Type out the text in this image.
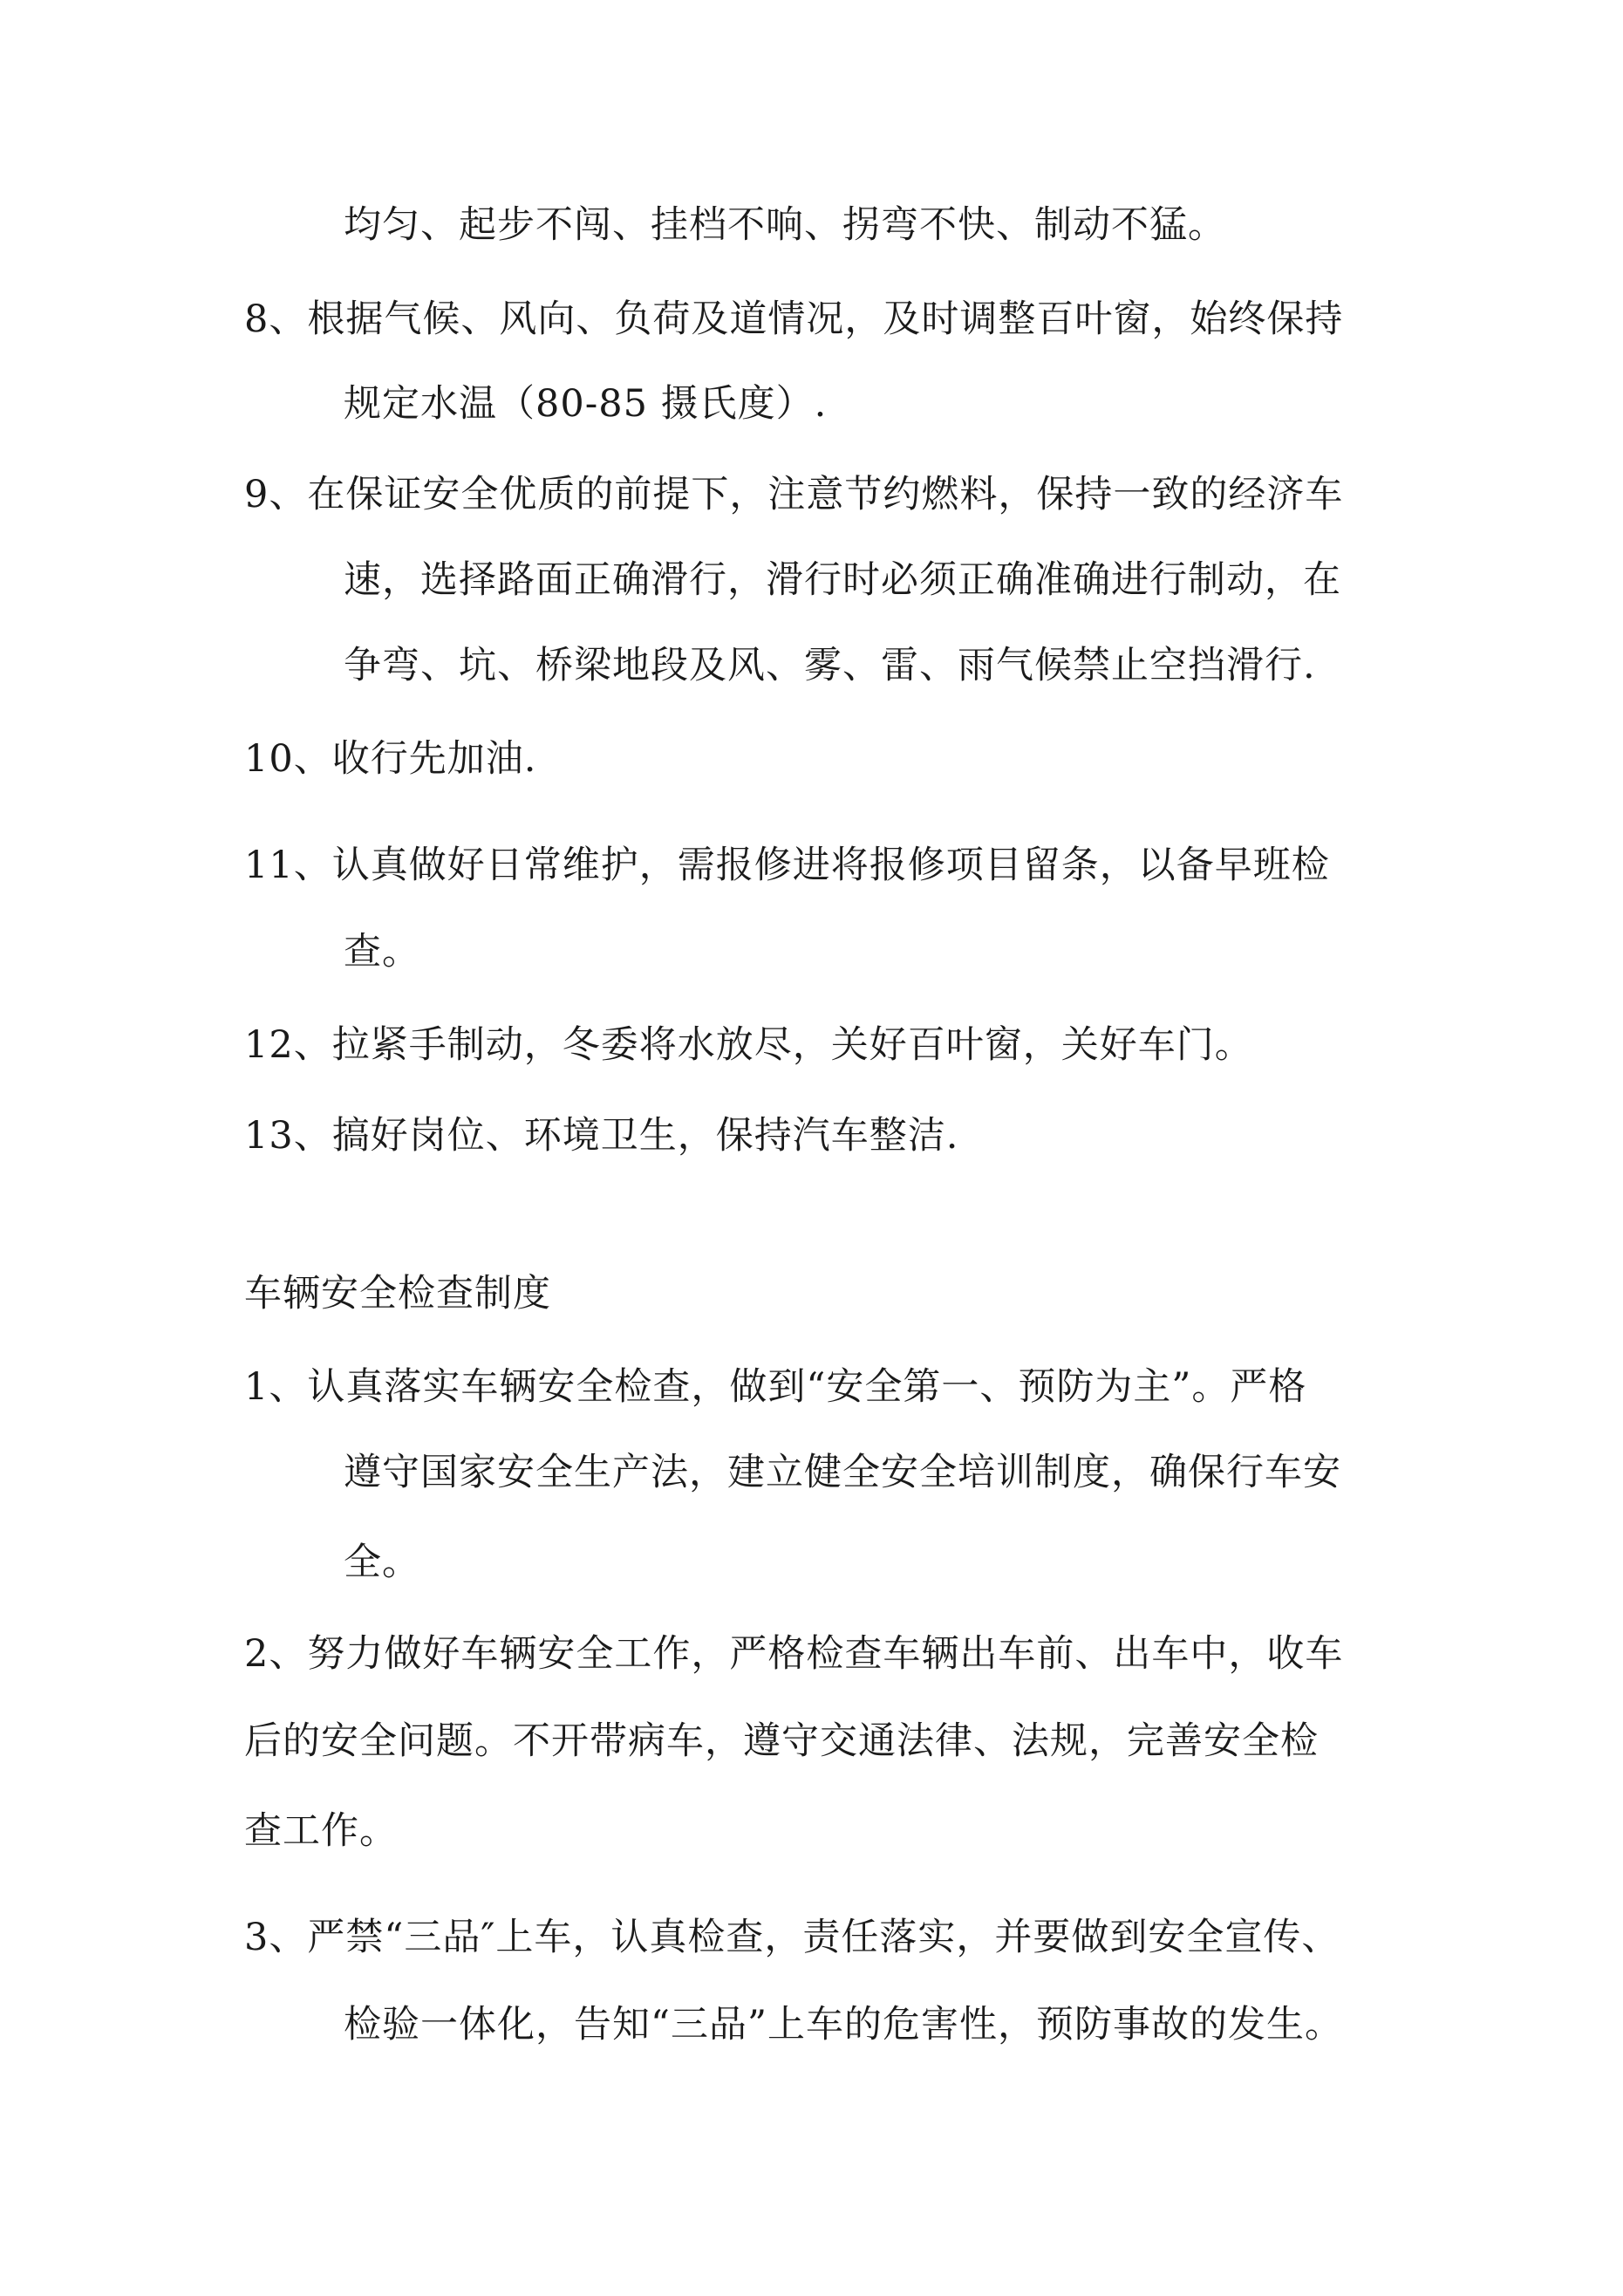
均匀、起步不闯、挂档不响、拐弯不快、制动不猛。
8、根据气候、风向、负荷及道情况，及时调整百叶窗，始终保持
规定水温（80-85 摄氏度）.
9、在保证安全优质的前提下，注意节约燃料，保持一致的经济车
速，选择路面正确滑行，滑行时必须正确准确进行制动，在
争弯、坑、桥梁地段及风、雾、雷、雨气候禁止空挡滑行.
10、收行先加油.
11、认真做好日常维护，需报修进将报修项目留条，以备早班检
查。
12、拉紧手制动，冬委将水放尽，关好百叶窗，关好车门。
13、搞好岗位、环境卫生，保持汽车整洁.
车辆安全检查制度
1、认真落实车辆安全检查，做到“安全第一、预防为主”。严格
遵守国家安全生产法，建立健全安全培训制度，确保行车安
全。
2、努力做好车辆安全工作，严格检查车辆出车前、出车中，收车
后的安全问题。不开带病车，遵守交通法律、法规，完善安全检
查工作。
3、严禁“三品″上车，认真检查，责任落实，并要做到安全宣传、
检验一体化，告知“三品”上车的危害性，预防事故的发生。
